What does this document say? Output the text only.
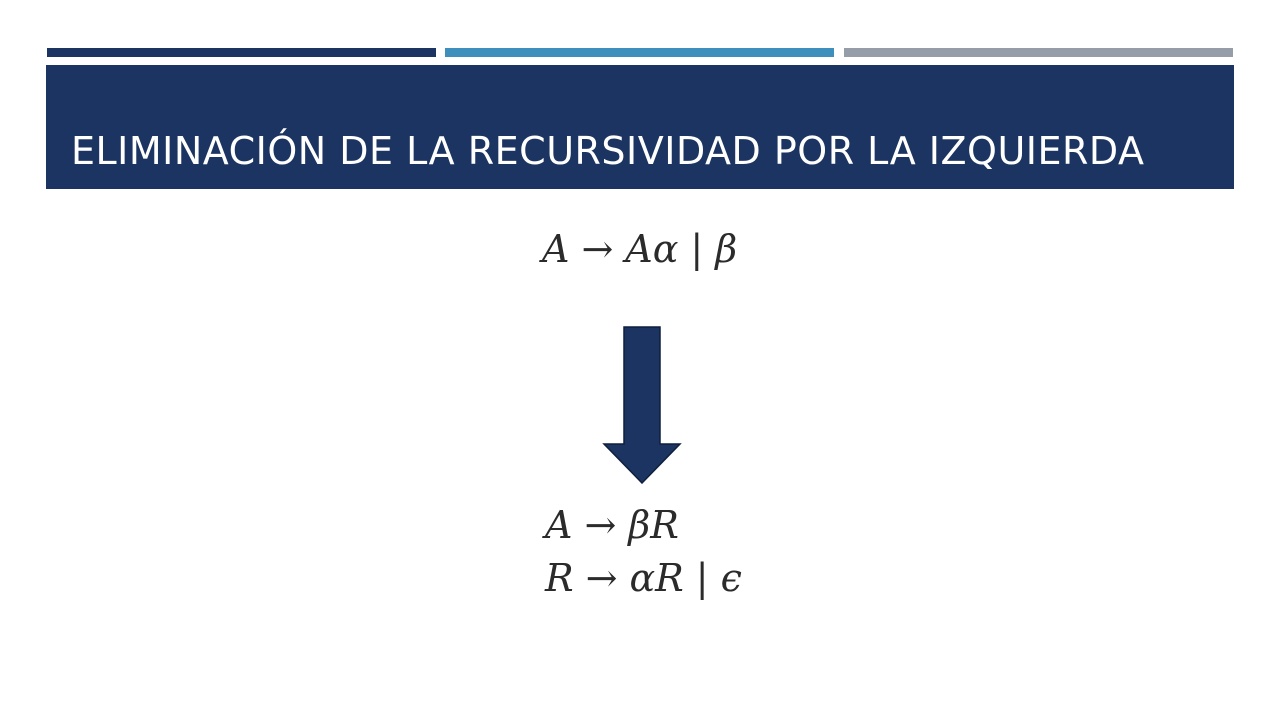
ELIMINACIÓN DE LA RECURSIVIDAD POR LA IZQUIERDA
A → Aα | β
A → βR
R → αR | ϵ
